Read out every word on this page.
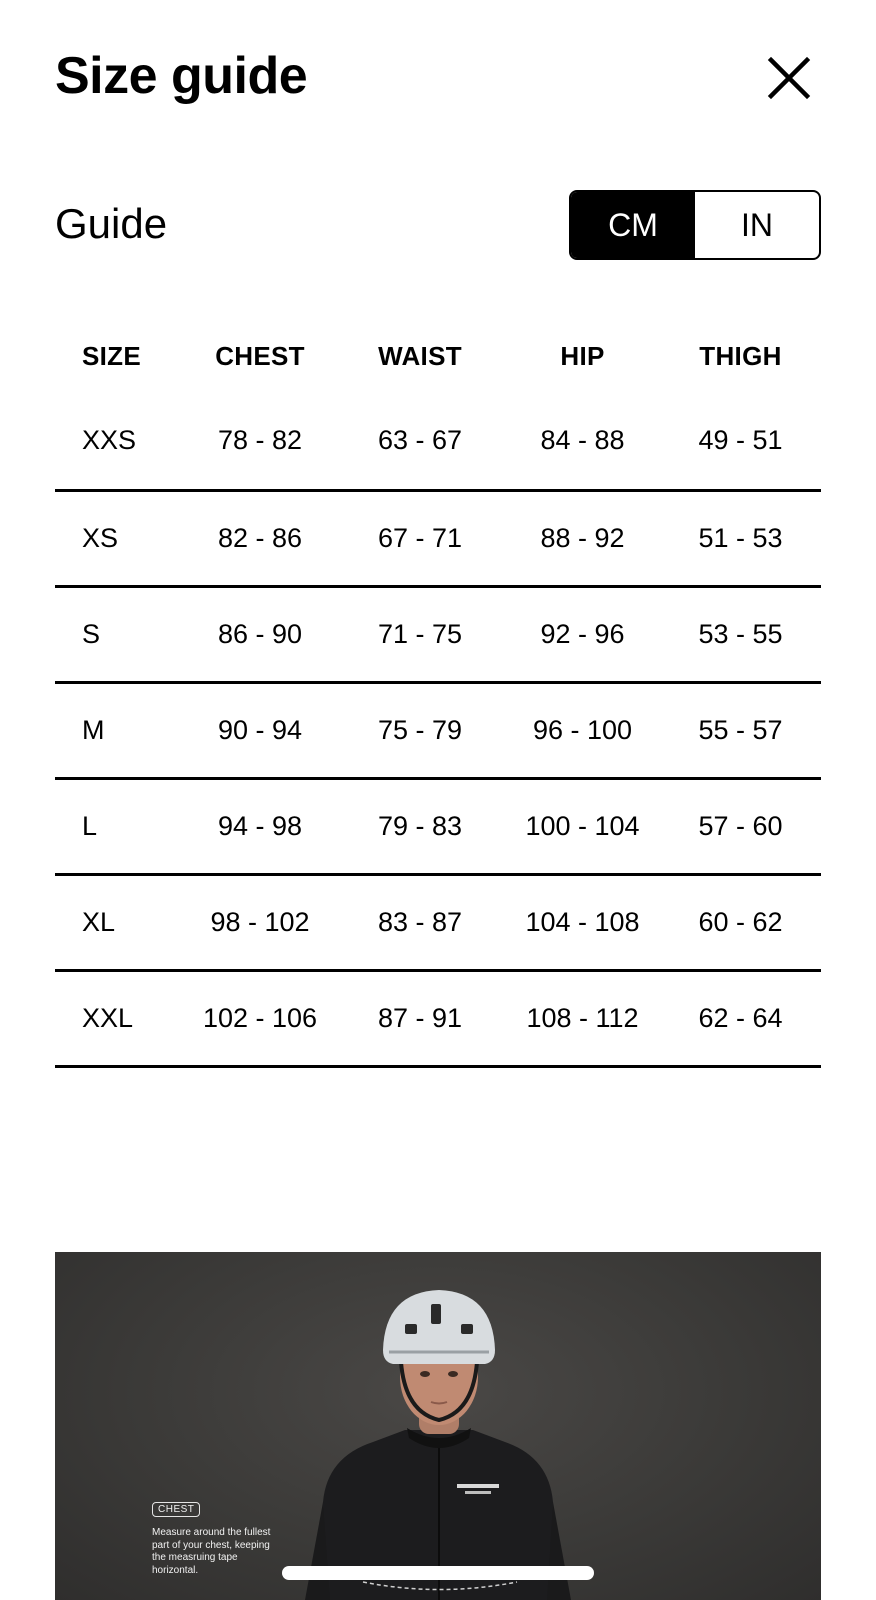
Size guide
Guide	CM	IN
SIZE	CHEST	WAIST	HIP	THIGH
XXS	78 - 82	63 - 67	84 - 88	49 - 51
XS	82 - 86	67 - 71	88 - 92	51 - 53
S	86 - 90	71 - 75	92 - 96	53 - 55
M	90 - 94	75 - 79	96 - 100	55 - 57
L	94 - 98	79 - 83	100 - 104	57 - 60
XL	98 - 102	83 - 87	104 - 108	60 - 62
XXL	102 - 106	87 - 91	108 - 112	62 - 64
CHEST
Measure around the fullest part of your chest, keeping the measruing tape horizontal.
